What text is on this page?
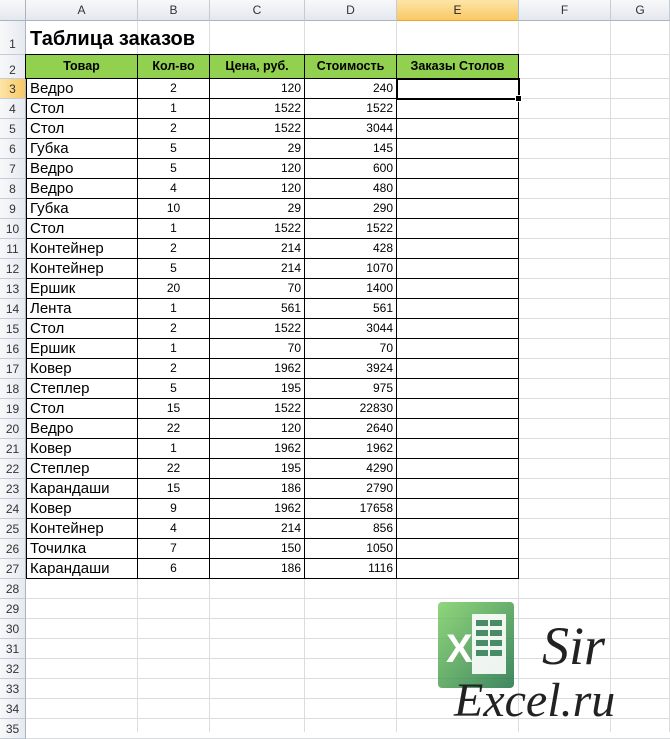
A	B	C	D	E	F	G
1
2
3
4
5
6
7
8
9
10
11
12
13
14
15
16
17
18
19
20
21
22
23
24
25
26
27
28
29
30
31
32
33
34
35
Таблица заказов
Товар	Кол-во	Цена, руб.	Стоимость	Заказы Столов
Ведро	2	120	240
Стол	1	1522	1522
Стол	2	1522	3044
Губка	5	29	145
Ведро	5	120	600
Ведро	4	120	480
Губка	10	29	290
Стол	1	1522	1522
Контейнер	2	214	428
Контейнер	5	214	1070
Ершик	20	70	1400
Лента	1	561	561
Стол	2	1522	3044
Ершик	1	70	70
Ковер	2	1962	3924
Степлер	5	195	975
Стол	15	1522	22830
Ведро	22	120	2640
Ковер	1	1962	1962
Степлер	22	195	4290
Карандаши	15	186	2790
Ковер	9	1962	17658
Контейнер	4	214	856
Точилка	7	150	1050
Карандаши	6	186	1116
X Sir
Excel.ru
